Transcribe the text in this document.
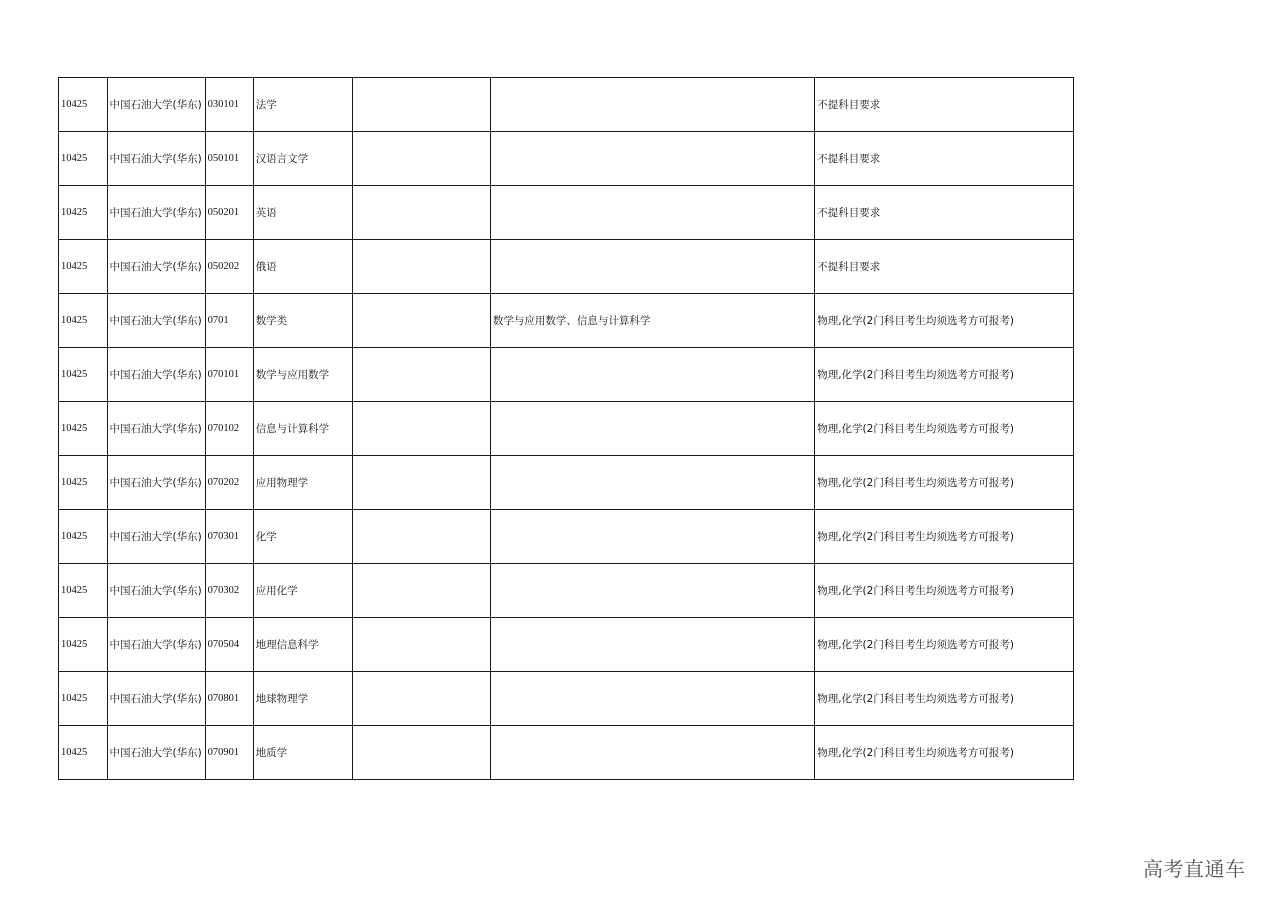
10425	中国石油大学(华东)	030101	法学			不提科目要求
10425	中国石油大学(华东)	050101	汉语言文学			不提科目要求
10425	中国石油大学(华东)	050201	英语			不提科目要求
10425	中国石油大学(华东)	050202	俄语			不提科目要求
10425	中国石油大学(华东)	0701	数学类		数学与应用数学、信息与计算科学	物理,化学(2门科目考生均须选考方可报考)
10425	中国石油大学(华东)	070101	数学与应用数学			物理,化学(2门科目考生均须选考方可报考)
10425	中国石油大学(华东)	070102	信息与计算科学			物理,化学(2门科目考生均须选考方可报考)
10425	中国石油大学(华东)	070202	应用物理学			物理,化学(2门科目考生均须选考方可报考)
10425	中国石油大学(华东)	070301	化学			物理,化学(2门科目考生均须选考方可报考)
10425	中国石油大学(华东)	070302	应用化学			物理,化学(2门科目考生均须选考方可报考)
10425	中国石油大学(华东)	070504	地理信息科学			物理,化学(2门科目考生均须选考方可报考)
10425	中国石油大学(华东)	070801	地球物理学			物理,化学(2门科目考生均须选考方可报考)
10425	中国石油大学(华东)	070901	地质学			物理,化学(2门科目考生均须选考方可报考)
高考直通车
